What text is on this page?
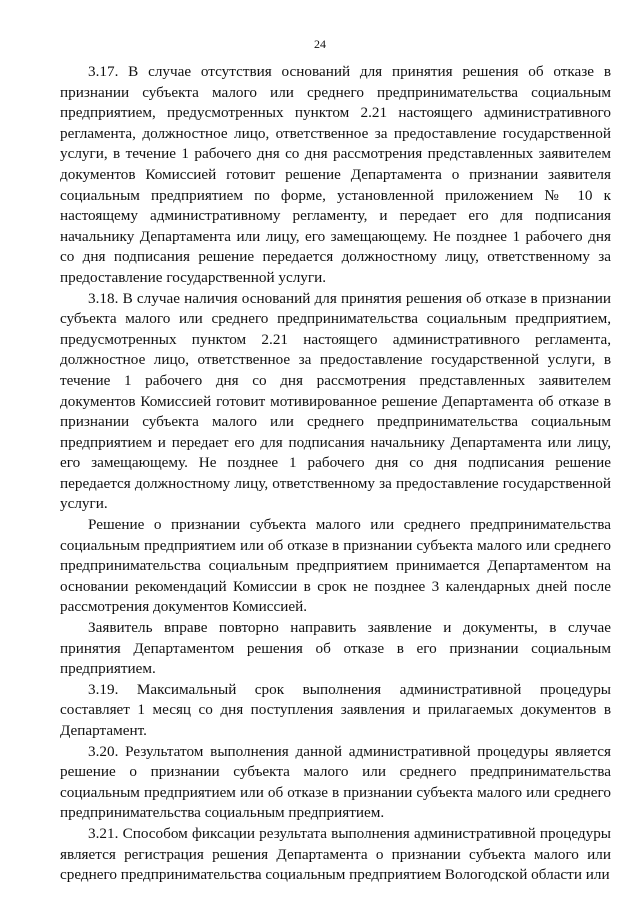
24

3.17. В случае отсутствия оснований для принятия решения об отказе в признании субъекта малого или среднего предпринимательства социальным предприятием, предусмотренных пунктом 2.21 настоящего административного регламента, должностное лицо, ответственное за предоставление государственной услуги, в течение 1 рабочего дня со дня рассмотрения представленных заявителем документов Комиссией готовит решение Департамента о признании заявителя социальным предприятием по форме, установленной приложением № 10 к настоящему административному регламенту, и передает его для подписания начальнику Департамента или лицу, его замещающему. Не позднее 1 рабочего дня со дня подписания решение передается должностному лицу, ответственному за предоставление государственной услуги.

3.18. В случае наличия оснований для принятия решения об отказе в признании субъекта малого или среднего предпринимательства социальным предприятием, предусмотренных пунктом 2.21 настоящего административного регламента, должностное лицо, ответственное за предоставление государственной услуги, в течение 1 рабочего дня со дня рассмотрения представленных заявителем документов Комиссией готовит мотивированное решение Департамента об отказе в признании субъекта малого или среднего предпринимательства социальным предприятием и передает его для подписания начальнику Департамента или лицу, его замещающему. Не позднее 1 рабочего дня со дня подписания решение передается должностному лицу, ответственному за предоставление государственной услуги.

Решение о признании субъекта малого или среднего предпринимательства социальным предприятием или об отказе в признании субъекта малого или среднего предпринимательства социальным предприятием принимается Департаментом на основании рекомендаций Комиссии в срок не позднее 3 календарных дней после рассмотрения документов Комиссией.

Заявитель вправе повторно направить заявление и документы, в случае принятия Департаментом решения об отказе в его признании социальным предприятием.

3.19. Максимальный срок выполнения административной процедуры составляет 1 месяц со дня поступления заявления и прилагаемых документов в Департамент.

3.20. Результатом выполнения данной административной процедуры является решение о признании субъекта малого или среднего предпринимательства социальным предприятием или об отказе в признании субъекта малого или среднего предпринимательства социальным предприятием.

3.21. Способом фиксации результата выполнения административной процедуры является регистрация решения Департамента о признании субъекта малого или среднего предпринимательства социальным предприятием Вологодской области или
